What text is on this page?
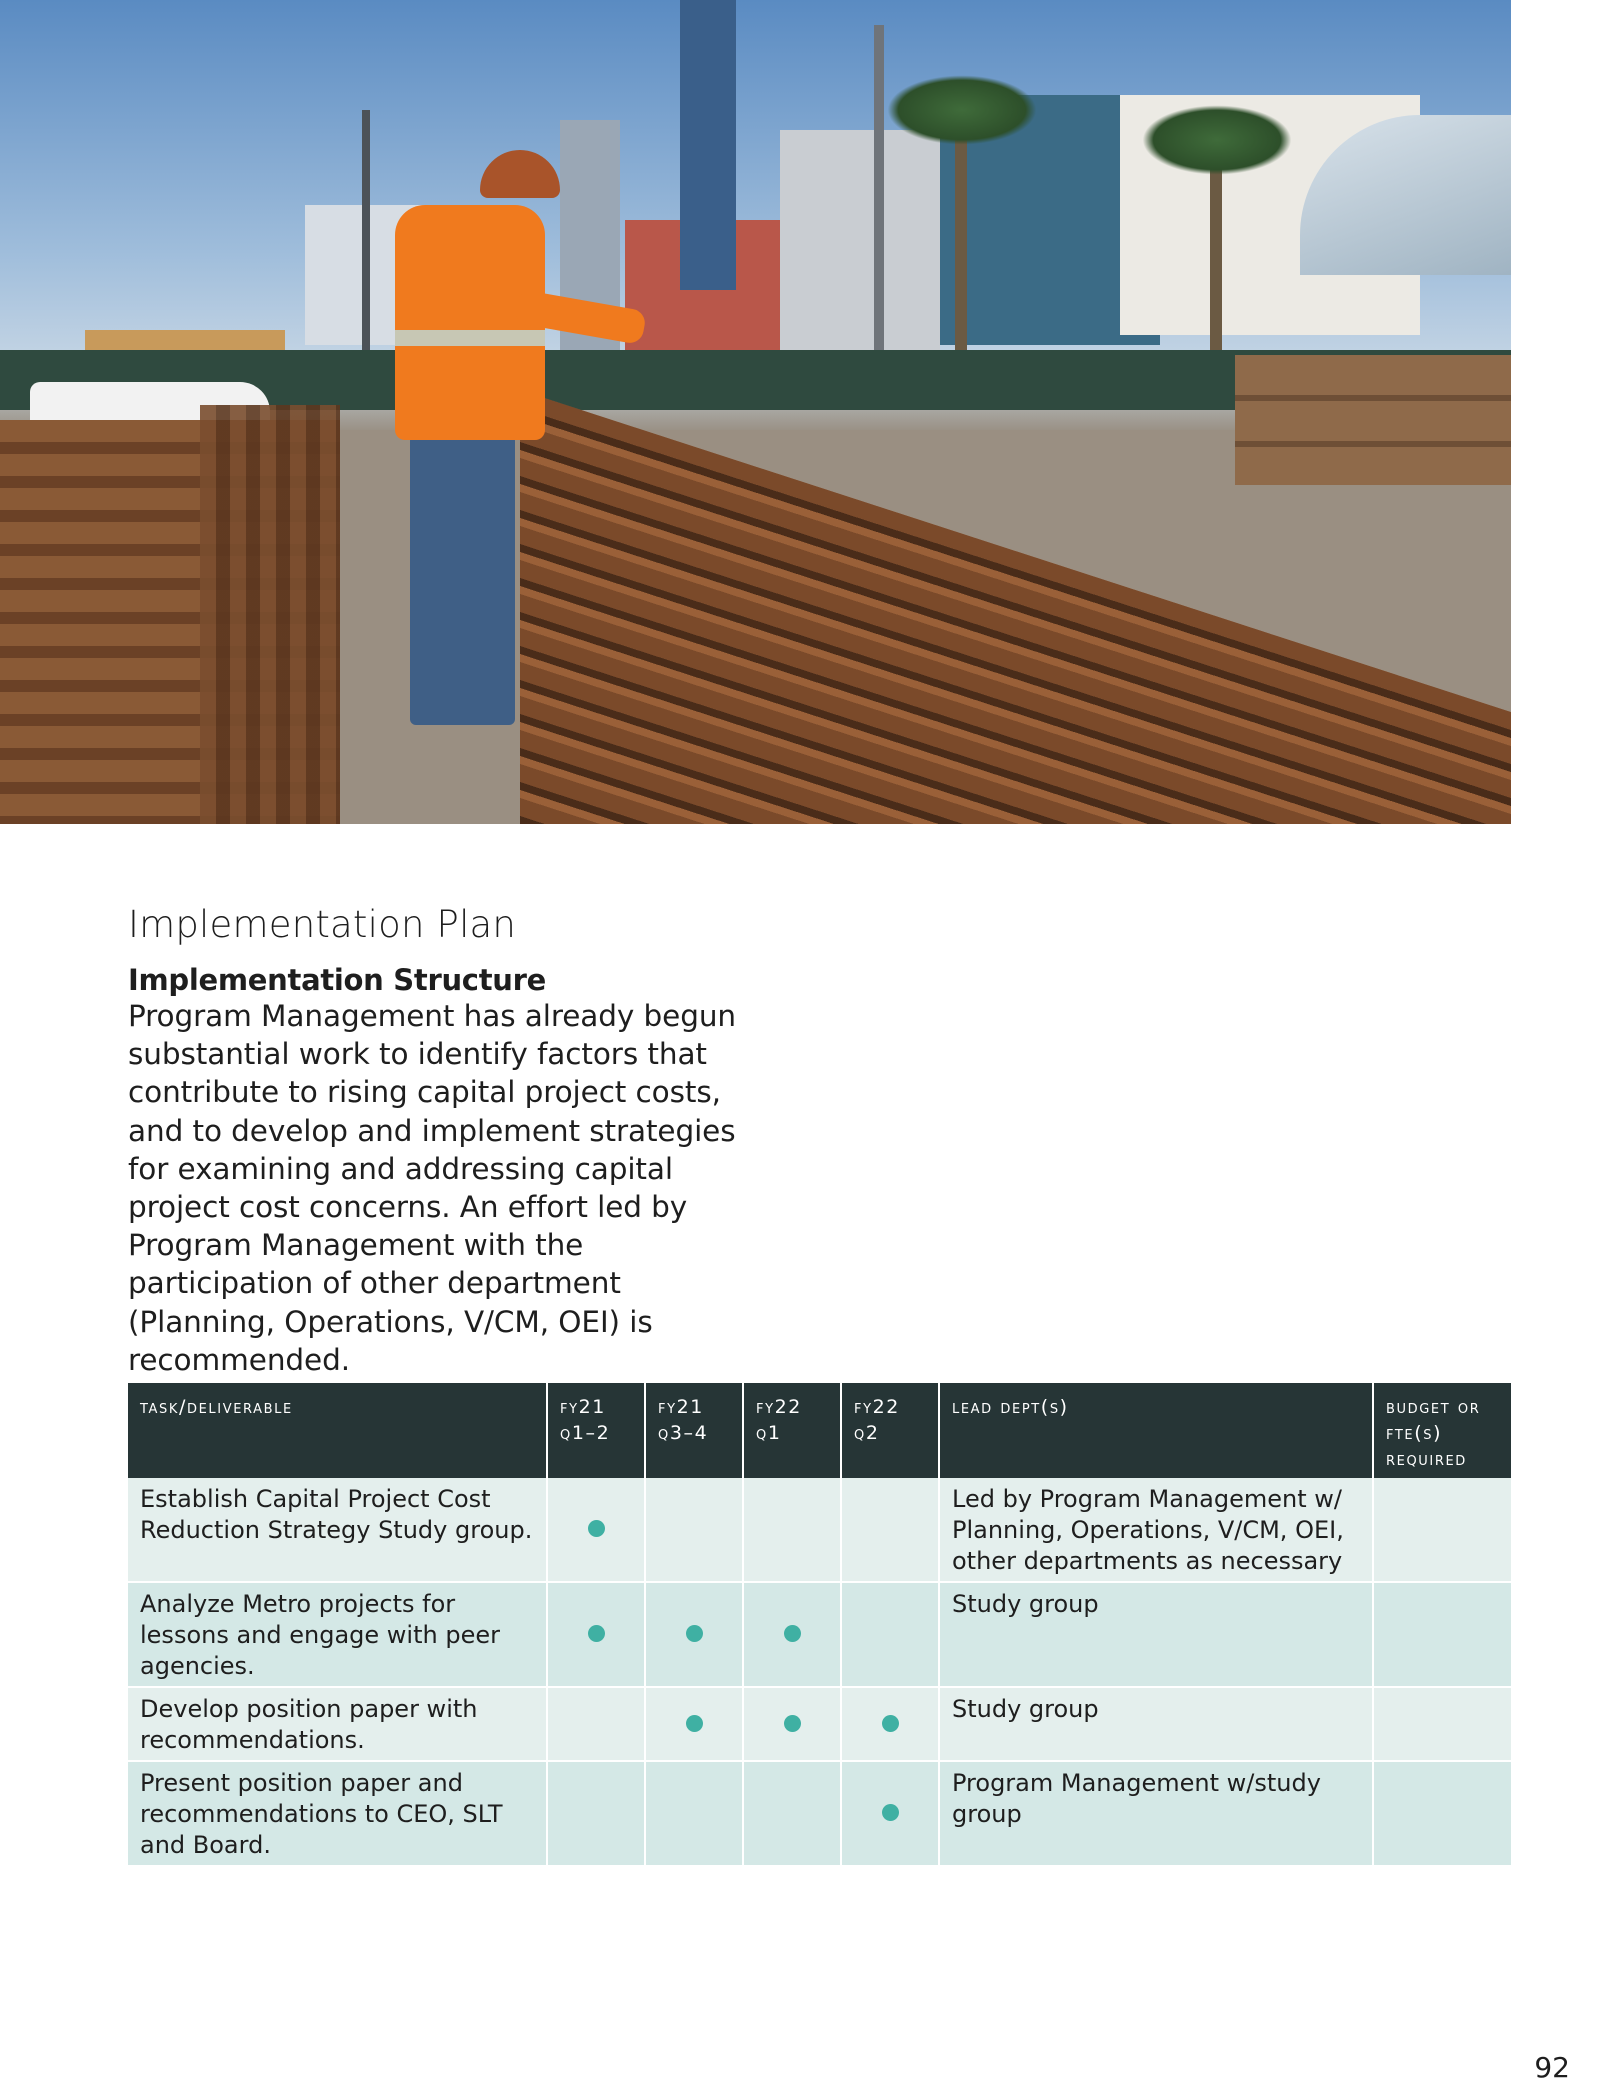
Implementation Plan
Implementation Structure

Program Management has already begun substantial work to identify factors that contribute to rising capital project costs, and to develop and implement strategies for examining and addressing capital project cost concerns. An effort led by Program Management with the participation of other department (Planning, Operations, V/CM, OEI) is recommended.

task/deliverable	fy21 q1–2	fy21 q3–4	fy22 q1	fy22 q2	lead dept(s)	budget or fte(s) required
Establish Capital Project Cost Reduction Strategy Study group.					Led by Program Management w/ Planning, Operations, V/CM, OEI, other departments as necessary	
Analyze Metro projects for lessons and engage with peer agencies.					Study group	
Develop position paper with recommendations.					Study group	
Present position paper and recommendations to CEO, SLT and Board.					Program Management w/study group	
92
